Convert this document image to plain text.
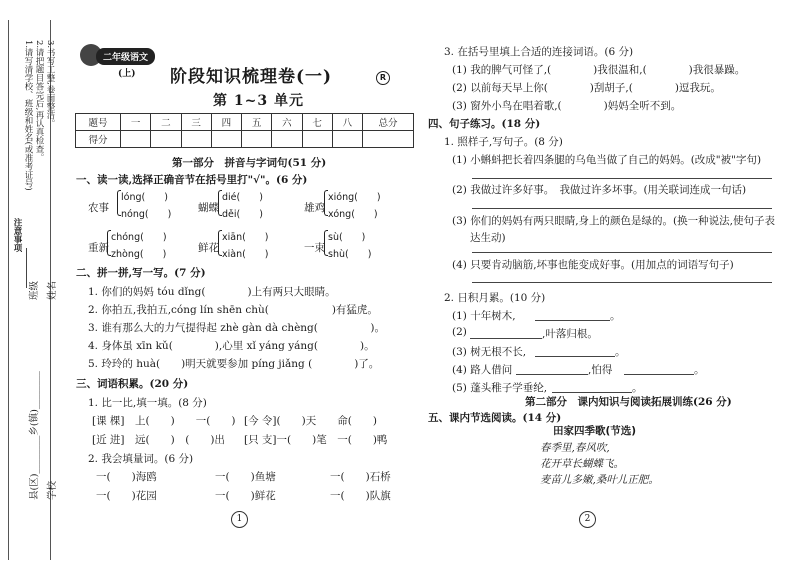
注意事项
1.请写清学校、班级和姓名(或准考证号) 2.请把题目答完后,再认真检查。 3.书写工整,卷面整洁。
班级 姓名
县(区)________乡(镇)________ 学校
二年级语文
(上) 阶段知识梳理卷(一)	R
第 1~3 单元
题号	一	二	三	四	五	六	七	八	总分
得分									
第一部分　拼音与字词句(51 分)
一、读一读,选择正确音节在括号里打"√"。(6 分)
农事
lóng(　　)
nóng(　　)
蝴蝶
dié(　　)
děi(　　)
雄鸡
xióng(　　)
xóng(　　)
重新
chóng(　　)
zhòng(　　)
鲜花
xiān(　　)
xiàn(　　)
一束
sù(　　)
shù(　　)
二、拼一拼,写一写。(7 分)
1. 你们的妈妈 tóu dǐng(　　　　)上有两只大眼睛。
2. 你拍五,我拍五,cóng lín shēn chù(　　　　　　)有猛虎。
3. 谁有那么大的力气提得起 zhè gàn dà chèng(　　　　　)。
4. 身体虽 xīn kǔ(　　　　),心里 xǐ yáng yáng(　　　　)。
5. 玲玲的 huà(　　)明天就要参加 píng jiǎng (　　　　)了。
三、词语积累。(20 分)
1. 比一比,填一填。(8 分)
[课 棵]　上(　　)　　一(　　) [今 令](　　)天　　命(　　)
[近 进]　远(　　)　(　　)出 [只 支]一(　　)笔　一(　　)鸭
2. 我会填量词。(6 分)
一(　　)海鸥	一(　　)鱼塘	一(　　)石桥
一(　　)花园	一(　　)鲜花	一(　　)队旗
1
3. 在括号里填上合适的连接词语。(6 分)
(1) 我的脾气可怪了,(　　　　)我很温和,(　　　　)我很暴躁。
(2) 以前每天早上你(　　　　)刮胡子,(　　　　)逗我玩。
(3) 窗外小鸟在唱着歌,(　　　　)妈妈全听不到。
四、句子练习。(18 分)
1. 照样子,写句子。(8 分)
(1) 小蝌蚪把长着四条腿的乌龟当做了自己的妈妈。(改成"被"字句)
(2) 我做过许多好事。　我做过许多坏事。(用关联词连成一句话)
(3) 你们的妈妈有两只眼睛,身上的颜色是绿的。(换一种说法,使句子表
达生动)
(4) 只要肯动脑筋,坏事也能变成好事。(用加点的词语写句子)
2. 日积月累。(10 分)
(1) 十年树木,	。
(2)	,叶落归根。
(3) 树无根不长,	。
(4) 路人借问	,怕得	。
(5) 蓬头稚子学垂纶,	。
第二部分　课内知识与阅读拓展训练(26 分)
五、课内节选阅读。(14 分)
田家四季歌(节选)
春季里,春风吹,
花开草长蝴蝶飞。
麦苗儿多嫩,桑叶儿正肥。
2
